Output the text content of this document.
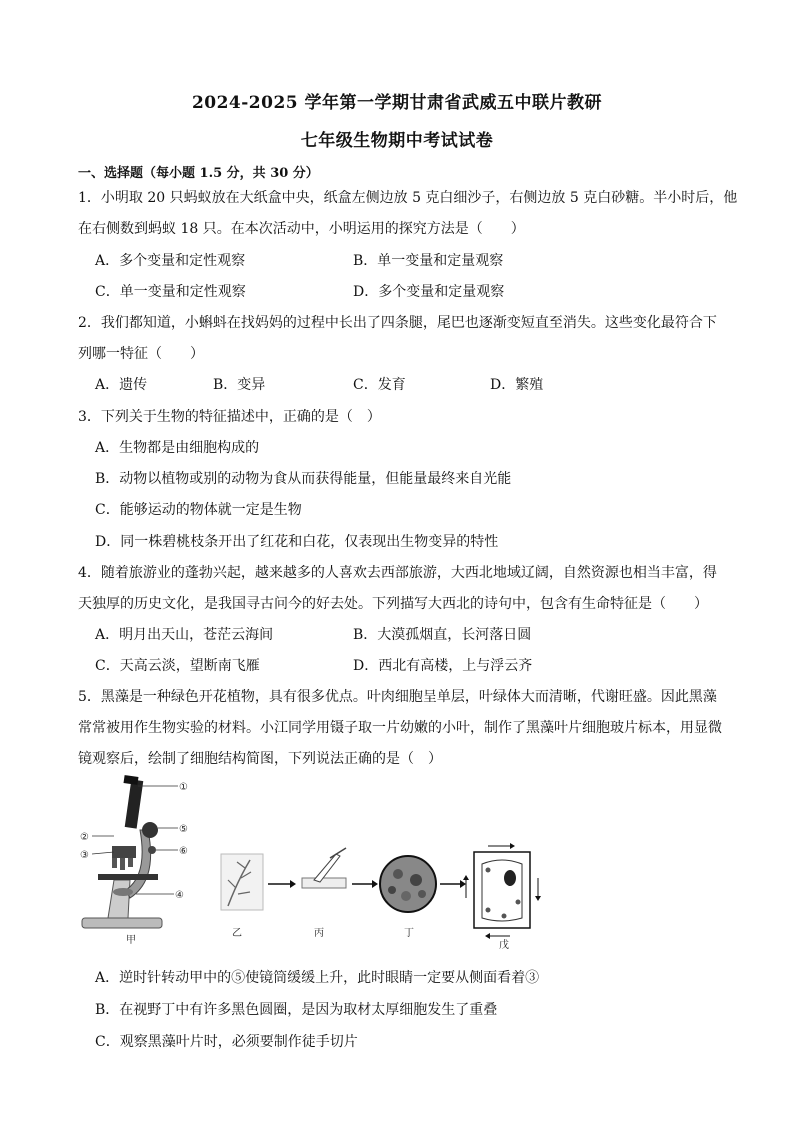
2024-2025 学年第一学期甘肃省武威五中联片教研
七年级生物期中考试试卷
一、选择题（每小题 1.5 分，共 30 分）
1．小明取 20 只蚂蚁放在大纸盒中央，纸盒左侧边放 5 克白细沙子，右侧边放 5 克白砂糖。半小时后，他
在右侧数到蚂蚁 18 只。在本次活动中，小明运用的探究方法是（　　）
A．多个变量和定性观察	B．单一变量和定量观察
C．单一变量和定性观察	D．多个变量和定量观察
2．我们都知道，小蝌蚪在找妈妈的过程中长出了四条腿，尾巴也逐渐变短直至消失。这些变化最符合下
列哪一特征（　　）
A．遗传	B．变异	C．发育	D．繁殖
3．下列关于生物的特征描述中，正确的是（　）
A．生物都是由细胞构成的
B．动物以植物或别的动物为食从而获得能量，但能量最终来自光能
C．能够运动的物体就一定是生物
D．同一株碧桃枝条开出了红花和白花，仅表现出生物变异的特性
4．随着旅游业的蓬勃兴起，越来越多的人喜欢去西部旅游，大西北地域辽阔，自然资源也相当丰富，得
天独厚的历史文化，是我国寻古问今的好去处。下列描写大西北的诗句中，包含有生命特征是（　　）
A．明月出天山，苍茫云海间	B．大漠孤烟直，长河落日圆
C．天高云淡，望断南飞雁	D．西北有高楼，上与浮云齐
5．黑藻是一种绿色开花植物，具有很多优点。叶肉细胞呈单层，叶绿体大而清晰，代谢旺盛。因此黑藻
常常被用作生物实验的材料。小江同学用镊子取一片幼嫩的小叶，制作了黑藻叶片细胞玻片标本，用显微
镜观察后，绘制了细胞结构简图，下列说法正确的是（　）
①
②
③
④
⑤
⑥
甲
乙	丙	丁
戊
A．逆时针转动甲中的⑤使镜筒缓缓上升，此时眼睛一定要从侧面看着③
B．在视野丁中有许多黑色圆圈，是因为取材太厚细胞发生了重叠
C．观察黑藻叶片时，必须要制作徒手切片
